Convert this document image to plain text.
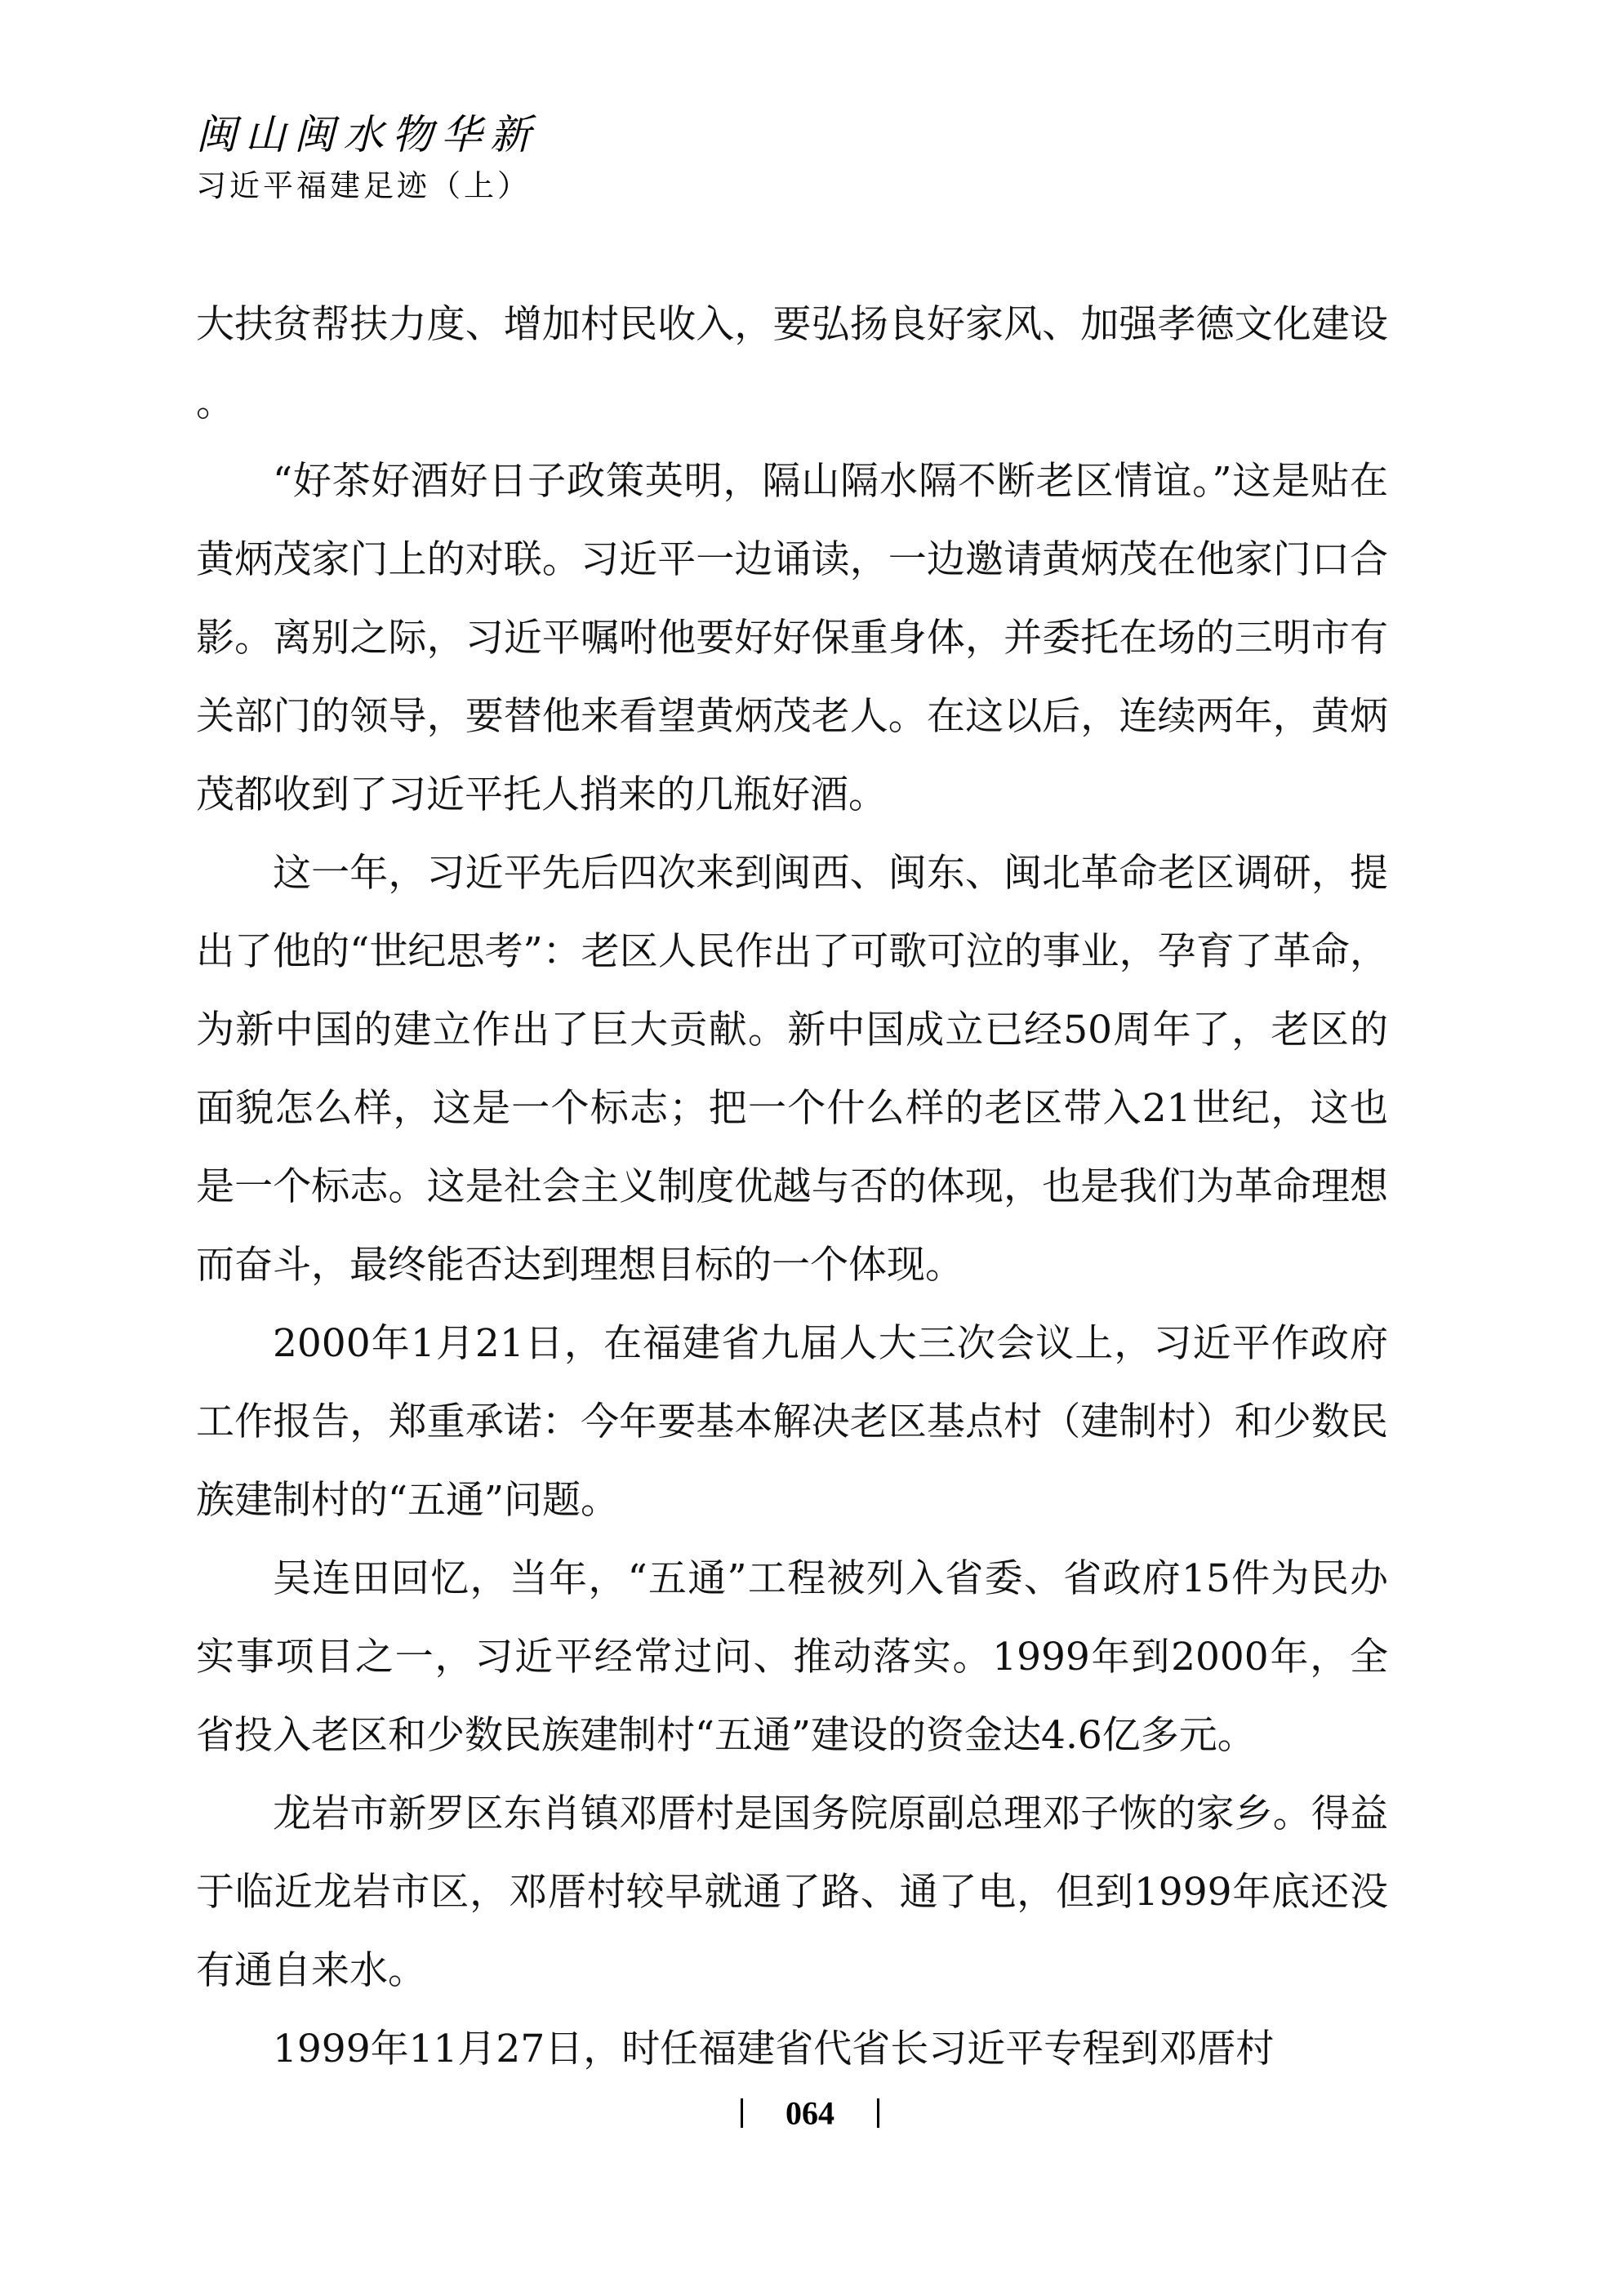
闽山闽水物华新
习近平福建足迹（上）

大扶贫帮扶力度、增加村民收入，要弘扬良好家风、加强孝德文化建设。

“好茶好酒好日子政策英明，隔山隔水隔不断老区情谊。”这是贴在黄炳茂家门上的对联。习近平一边诵读，一边邀请黄炳茂在他家门口合影。离别之际，习近平嘱咐他要好好保重身体，并委托在场的三明市有关部门的领导，要替他来看望黄炳茂老人。在这以后，连续两年，黄炳茂都收到了习近平托人捎来的几瓶好酒。

这一年，习近平先后四次来到闽西、闽东、闽北革命老区调研，提出了他的“世纪思考”：老区人民作出了可歌可泣的事业，孕育了革命，为新中国的建立作出了巨大贡献。新中国成立已经50周年了，老区的面貌怎么样，这是一个标志；把一个什么样的老区带入21世纪，这也是一个标志。这是社会主义制度优越与否的体现，也是我们为革命理想而奋斗，最终能否达到理想目标的一个体现。

2000年1月21日，在福建省九届人大三次会议上，习近平作政府工作报告，郑重承诺：今年要基本解决老区基点村（建制村）和少数民族建制村的“五通”问题。

吴连田回忆，当年，“五通”工程被列入省委、省政府15件为民办实事项目之一，习近平经常过问、推动落实。1999年到2000年，全省投入老区和少数民族建制村“五通”建设的资金达4.6亿多元。

龙岩市新罗区东肖镇邓厝村是国务院原副总理邓子恢的家乡。得益于临近龙岩市区，邓厝村较早就通了路、通了电，但到1999年底还没有通自来水。

1999年11月27日，时任福建省代省长习近平专程到邓厝村

064
